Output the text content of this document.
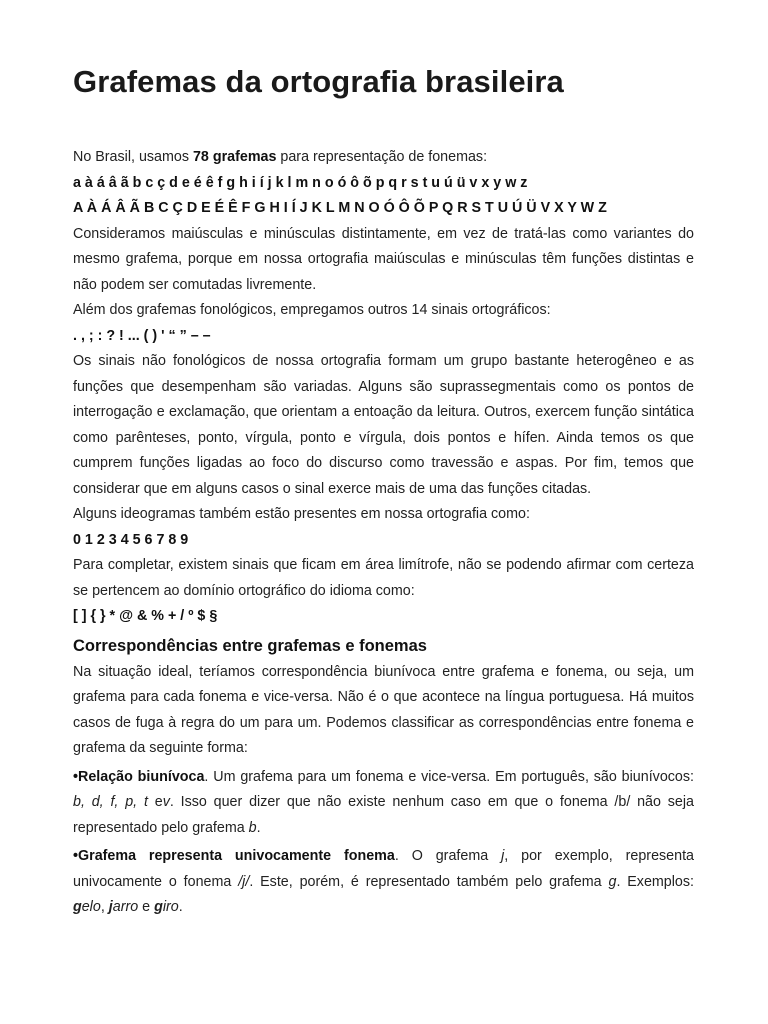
Grafemas da ortografia brasileira

No Brasil, usamos 78 grafemas para representação de fonemas:

a à á â ã b c ç d e é ê f g h i í j k l m n o ó ô õ p q r s t u ú ü v x y w z

A À Á Â Ã B C Ç D E É Ê F G H I Í J K L M N O Ó Ô Õ P Q R S T U Ú Ü V X Y W Z

Consideramos maiúsculas e minúsculas distintamente, em vez de tratá-las como variantes do mesmo grafema, porque em nossa ortografia maiúsculas e minúsculas têm funções distintas e não podem ser comutadas livremente.

Além dos grafemas fonológicos, empregamos outros 14 sinais ortográficos:

. , ; : ? ! ... ( ) ' “ ” – –

Os sinais não fonológicos de nossa ortografia formam um grupo bastante heterogêneo e as funções que desempenham são variadas. Alguns são suprassegmentais como os pontos de interrogação e exclamação, que orientam a entoação da leitura. Outros, exercem função sintática como parênteses, ponto, vírgula, ponto e vírgula, dois pontos e hífen. Ainda temos os que cumprem funções ligadas ao foco do discurso como travessão e aspas. Por fim, temos que considerar que em alguns casos o sinal exerce mais de uma das funções citadas.

Alguns ideogramas também estão presentes em nossa ortografia como:

0 1 2 3 4 5 6 7 8 9

Para completar, existem sinais que ficam em área limítrofe, não se podendo afirmar com certeza se pertencem ao domínio ortográfico do idioma como:

[ ] { } * @ & % + / º $ §

Correspondências entre grafemas e fonemas

Na situação ideal, teríamos correspondência biunívoca entre grafema e fonema, ou seja, um grafema para cada fonema e vice-versa. Não é o que acontece na língua portuguesa. Há muitos casos de fuga à regra do um para um. Podemos classificar as correspondências entre fonema e grafema da seguinte forma:

•Relação biunívoca. Um grafema para um fonema e vice-versa. Em português, são biunívocos: b, d, f, p, t ev. Isso quer dizer que não existe nenhum caso em que o fonema /b/ não seja representado pelo grafema b.

•Grafema representa univocamente fonema. O grafema j, por exemplo, representa univocamente o fonema /j/. Este, porém, é representado também pelo grafema g. Exemplos: gelo, jarro e giro.
